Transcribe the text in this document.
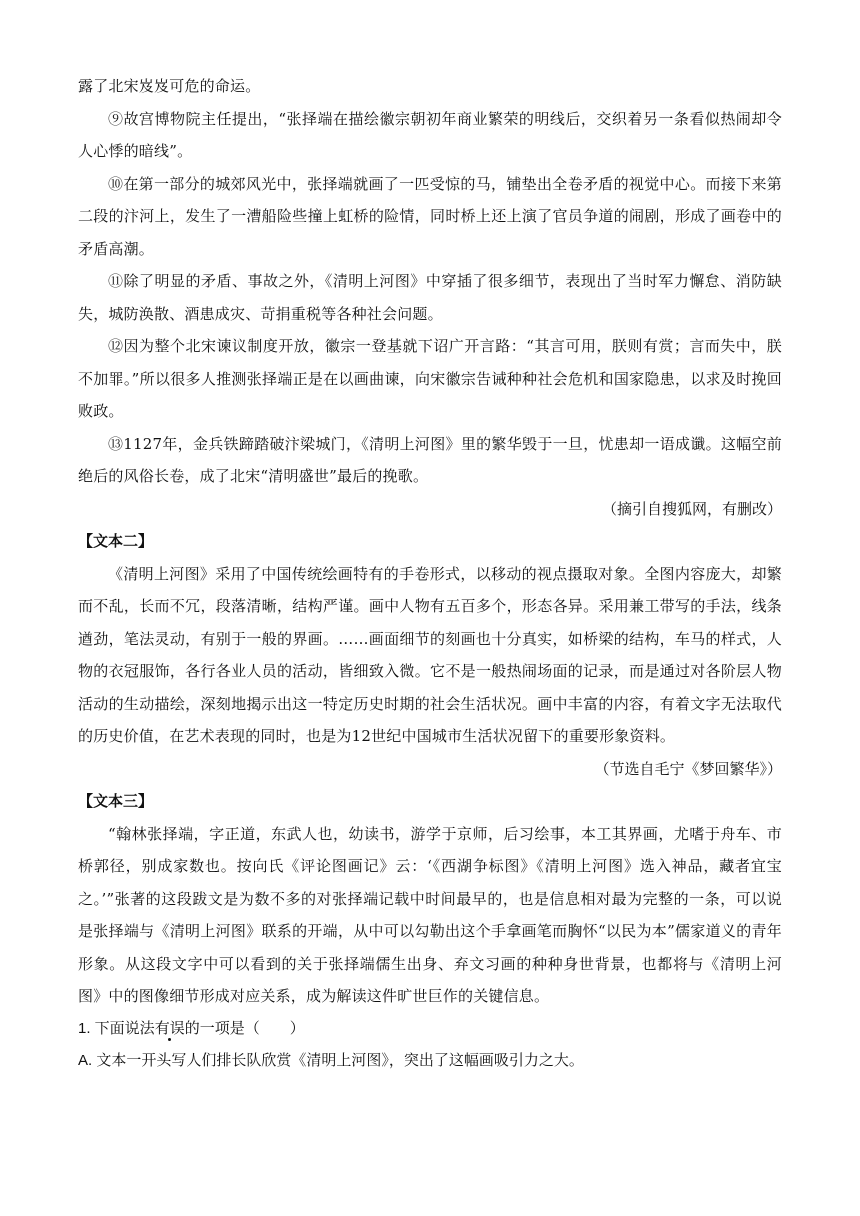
露了北宋岌岌可危的命运。

⑨故宫博物院主任提出，“张择端在描绘徽宗朝初年商业繁荣的明线后，交织着另一条看似热闹却令人心悸的暗线”。

⑩在第一部分的城郊风光中，张择端就画了一匹受惊的马，铺垫出全卷矛盾的视觉中心。而接下来第二段的汴河上，发生了一漕船险些撞上虹桥的险情，同时桥上还上演了官员争道的闹剧，形成了画卷中的矛盾高潮。

⑪除了明显的矛盾、事故之外，《清明上河图》中穿插了很多细节，表现出了当时军力懈怠、消防缺失，城防涣散、酒患成灾、苛捐重税等各种社会问题。

⑫因为整个北宋谏议制度开放，徽宗一登基就下诏广开言路：“其言可用，朕则有赏；言而失中，朕不加罪。”所以很多人推测张择端正是在以画曲谏，向宋徽宗告诫种种社会危机和国家隐患，以求及时挽回败政。

⑬1127年，金兵铁蹄踏破汴梁城门，《清明上河图》里的繁华毁于一旦，忧患却一语成谶。这幅空前绝后的风俗长卷，成了北宋“清明盛世”最后的挽歌。

（摘引自搜狐网，有删改）

【文本二】

《清明上河图》采用了中国传统绘画特有的手卷形式，以移动的视点摄取对象。全图内容庞大，却繁而不乱，长而不冗，段落清晰，结构严谨。画中人物有五百多个，形态各异。采用兼工带写的手法，线条遒劲，笔法灵动，有别于一般的界画。……画面细节的刻画也十分真实，如桥梁的结构，车马的样式，人物的衣冠服饰，各行各业人员的活动，皆细致入微。它不是一般热闹场面的记录，而是通过对各阶层人物活动的生动描绘，深刻地揭示出这一特定历史时期的社会生活状况。画中丰富的内容，有着文字无法取代的历史价值，在艺术表现的同时，也是为12世纪中国城市生活状况留下的重要形象资料。

（节选自毛宁《梦回繁华》）

【文本三】

“翰林张择端，字正道，东武人也，幼读书，游学于京师，后习绘事，本工其界画，尤嗜于舟车、市桥郭径，别成家数也。按向氏《评论图画记》云：‘《西湖争标图》《清明上河图》选入神品，藏者宜宝之。’”张著的这段跋文是为数不多的对张择端记载中时间最早的，也是信息相对最为完整的一条，可以说是张择端与《清明上河图》联系的开端，从中可以勾勒出这个手拿画笔而胸怀“以民为本”儒家道义的青年形象。从这段文字中可以看到的关于张择端儒生出身、弃文习画的种种身世背景，也都将与《清明上河图》中的图像细节形成对应关系，成为解读这件旷世巨作的关键信息。

1. 下面说法有误的一项是（　　）

A. 文本一开头写人们排长队欣赏《清明上河图》，突出了这幅画吸引力之大。
